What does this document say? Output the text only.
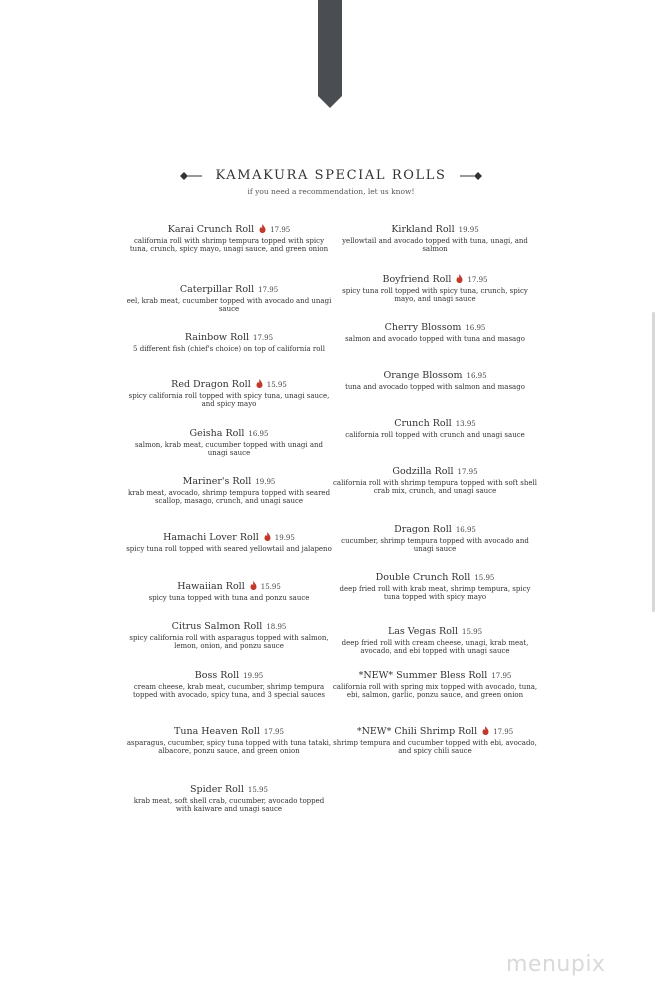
KAMAKURA SPECIAL ROLLS
if you need a recommendation, let us know!
Karai Crunch Roll 17.95
california roll with shrimp tempura topped with spicy tuna, crunch, spicy mayo, unagi sauce, and green onion
Caterpillar Roll 17.95
eel, krab meat, cucumber topped with avocado and unagi sauce
Rainbow Roll 17.95
5 different fish (chief's choice) on top of california roll
Red Dragon Roll 15.95
spicy california roll topped with spicy tuna, unagi sauce, and spicy mayo
Geisha Roll 16.95
salmon, krab meat, cucumber topped with unagi and unagi sauce
Mariner's Roll 19.95
krab meat, avocado, shrimp tempura topped with seared scallop, masago, crunch, and unagi sauce
Hamachi Lover Roll 19.95
spicy tuna roll topped with seared yellowtail and jalapeno
Hawaiian Roll 15.95
spicy tuna topped with tuna and ponzu sauce
Citrus Salmon Roll 18.95
spicy california roll with asparagus topped with salmon, lemon, onion, and ponzu sauce
Boss Roll 19.95
cream cheese, krab meat, cucumber, shrimp tempura topped with avocado, spicy tuna, and 3 special sauces
Tuna Heaven Roll 17.95
asparagus, cucumber, spicy tuna topped with tuna tataki, albacore, ponzu sauce, and green onion
Spider Roll 15.95
krab meat, soft shell crab, cucumber, avocado topped with kaiware and unagi sauce
Kirkland Roll 19.95
yellowtail and avocado topped with tuna, unagi, and salmon
Boyfriend Roll 17.95
spicy tuna roll topped with spicy tuna, crunch, spicy mayo, and unagi sauce
Cherry Blossom 16.95
salmon and avocado topped with tuna and masago
Orange Blossom 16.95
tuna and avocado topped with salmon and masago
Crunch Roll 13.95
california roll topped with crunch and unagi sauce
Godzilla Roll 17.95
california roll with shrimp tempura topped with soft shell crab mix, crunch, and unagi sauce
Dragon Roll 16.95
cucumber, shrimp tempura topped with avocado and unagi sauce
Double Crunch Roll 15.95
deep fried roll with krab meat, shrimp tempura, spicy tuna topped with spicy mayo
Las Vegas Roll 15.95
deep fried roll with cream cheese, unagi, krab meat, avocado, and ebi topped with unagi sauce
*NEW* Summer Bless Roll 17.95
california roll with spring mix topped with avocado, tuna, ebi, salmon, garlic, ponzu sauce, and green onion
*NEW* Chili Shrimp Roll 17.95
shrimp tempura and cucumber topped with ebi, avocado, and spicy chili sauce
menupix
